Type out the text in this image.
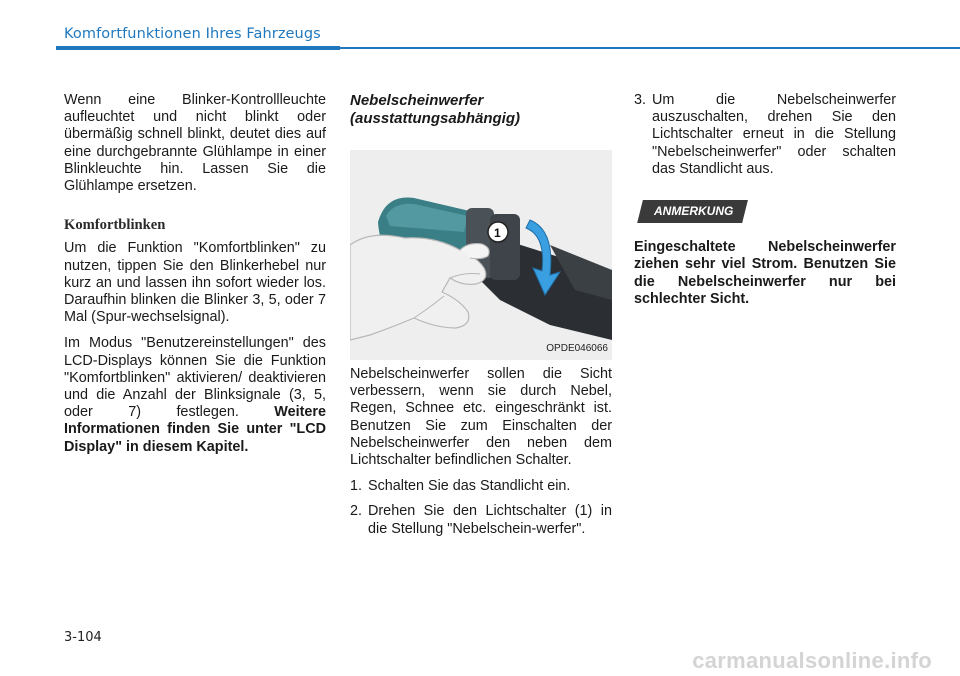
Komfortfunktionen Ihres Fahrzeugs

Wenn eine Blinker-Kontrollleuchte aufleuchtet und nicht blinkt oder übermäßig schnell blinkt, deutet dies auf eine durchgebrannte Glühlampe in einer Blinkleuchte hin. Lassen Sie die Glühlampe ersetzen.

Komfortblinken

Um die Funktion "Komfortblinken" zu nutzen, tippen Sie den Blinkerhebel nur kurz an und lassen ihn sofort wieder los. Daraufhin blinken die Blinker 3, 5, oder 7 Mal (Spur-wechselsignal).

Im Modus "Benutzereinstellungen" des LCD-Displays können Sie die Funktion "Komfortblinken" aktivieren/ deaktivieren und die Anzahl der Blinksignale (3, 5, oder 7) festlegen. Weitere Informationen finden Sie unter "LCD Display" in diesem Kapitel.

Nebelscheinwerfer
(ausstattungsabhängig)
1
OPDE046066

Nebelscheinwerfer sollen die Sicht verbessern, wenn sie durch Nebel, Regen, Schnee etc. eingeschränkt ist. Benutzen Sie zum Einschalten der Nebelscheinwerfer den neben dem Lichtschalter befindlichen Schalter.

1. Schalten Sie das Standlicht ein.
2. Drehen Sie den Lichtschalter (1) in die Stellung "Nebelschein-werfer".
3. Um die Nebelscheinwerfer auszuschalten, drehen Sie den Lichtschalter erneut in die Stellung "Nebelscheinwerfer" oder schalten das Standlicht aus.
ANMERKUNG

Eingeschaltete Nebelscheinwerfer ziehen sehr viel Strom. Benutzen Sie die Nebelscheinwerfer nur bei schlechter Sicht.

3-104
carmanualsonline.info
